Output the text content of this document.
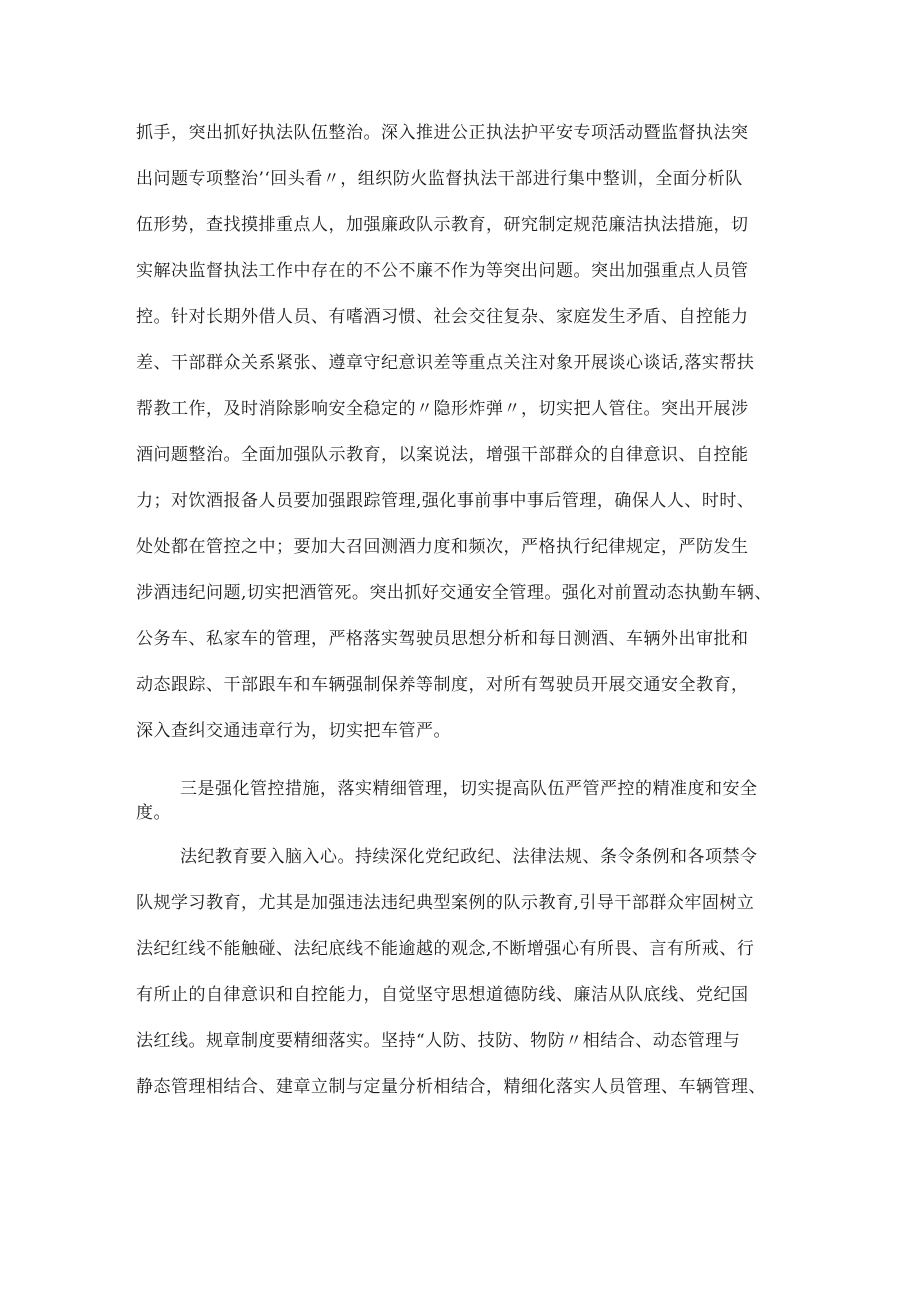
抓手，突出抓好执法队伍整治。深入推进公正执法护平安专项活动暨监督执法突
出问题专项整治’‘回头看〃，组织防火监督执法干部进行集中整训，全面分析队
伍形势，查找摸排重点人，加强廉政队示教育，研究制定规范廉洁执法措施，切
实解决监督执法工作中存在的不公不廉不作为等突出问题。突出加强重点人员管
控。针对长期外借人员、有嗜酒习惯、社会交往复杂、家庭发生矛盾、自控能力
差、干部群众关系紧张、遵章守纪意识差等重点关注对象开展谈心谈话,落实帮扶
帮教工作，及时消除影响安全稳定的〃隐形炸弹〃，切实把人管住。突出开展涉
酒问题整治。全面加强队示教育，以案说法，增强干部群众的自律意识、自控能
力；对饮酒报备人员要加强跟踪管理,强化事前事中事后管理，确保人人、时时、
处处都在管控之中；要加大召回测酒力度和频次，严格执行纪律规定，严防发生
涉酒违纪问题,切实把酒管死。突出抓好交通安全管理。强化对前置动态执勤车辆、
公务车、私家车的管理，严格落实驾驶员思想分析和每日测酒、车辆外出审批和
动态跟踪、干部跟车和车辆强制保养等制度，对所有驾驶员开展交通安全教育，
深入查纠交通违章行为，切实把车管严。
三是强化管控措施，落实精细管理，切实提高队伍严管严控的精准度和安全
度。
法纪教育要入脑入心。持续深化党纪政纪、法律法规、条令条例和各项禁令
队规学习教育，尤其是加强违法违纪典型案例的队示教育,引导干部群众牢固树立
法纪红线不能触碰、法纪底线不能逾越的观念,不断增强心有所畏、言有所戒、行
有所止的自律意识和自控能力，自觉坚守思想道德防线、廉洁从队底线、党纪国
法红线。规章制度要精细落实。坚持“人防、技防、物防〃相结合、动态管理与
静态管理相结合、建章立制与定量分析相结合，精细化落实人员管理、车辆管理、
